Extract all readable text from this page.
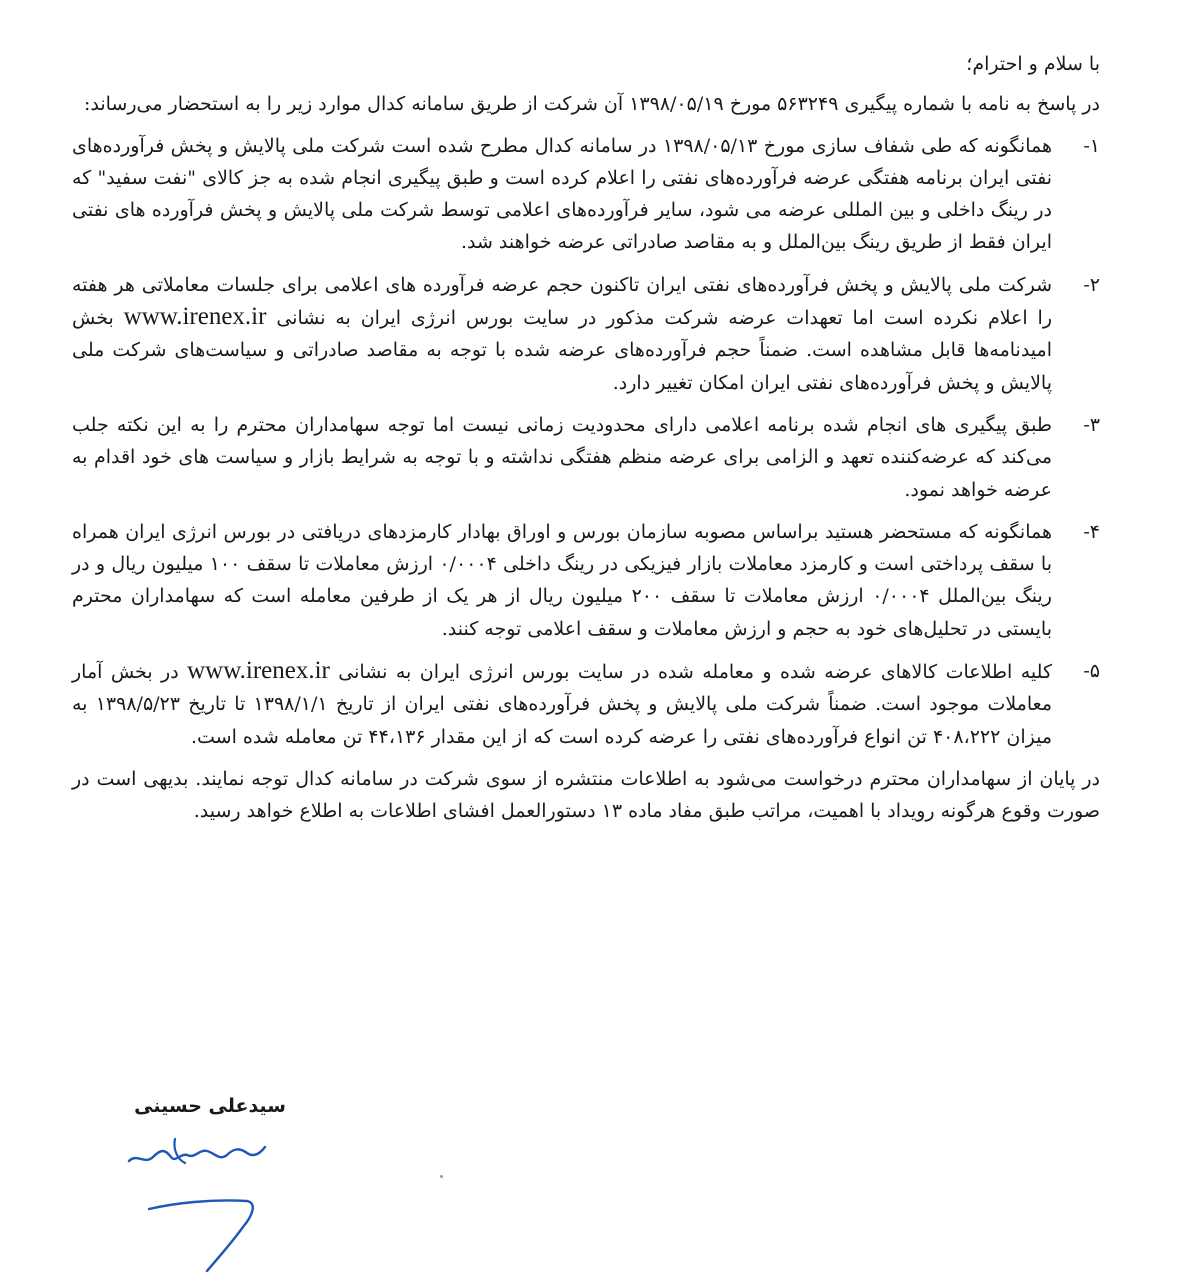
با سلام و احترام؛

در پاسخ به نامه با شماره پیگیری ۵۶۳۲۴۹ مورخ ۱۳۹۸/۰۵/۱۹ آن شرکت از طریق سامانه کدال موارد زیر را به استحضار می‌رساند:

۱-
همانگونه که طی شفاف سازی مورخ ۱۳۹۸/۰۵/۱۳ در سامانه کدال مطرح شده است شرکت ملی پالایش و پخش فرآورده‌های نفتی ایران برنامه هفتگی عرضه فرآورده‌های نفتی را اعلام کرده است و طبق پیگیری انجام شده به جز کالای "نفت سفید" که در رینگ داخلی و بین المللی عرضه می شود، سایر فرآورده‌های اعلامی توسط شرکت ملی پالایش و پخش فرآورده های نفتی ایران فقط از طریق رینگ بین‌الملل و به مقاصد صادراتی عرضه خواهند شد.
۲-
شرکت ملی پالایش و پخش فرآورده‌های نفتی ایران تاکنون حجم عرضه فرآورده های اعلامی برای جلسات معاملاتی هر هفته را اعلام نکرده است اما تعهدات عرضه شرکت مذکور در سایت بورس انرژی ایران به نشانی www.irenex.ir بخش امیدنامه‌ها قابل مشاهده است. ضمناً حجم فرآورده‌های عرضه شده با توجه به مقاصد صادراتی و سیاست‌های شرکت ملی پالایش و پخش فرآورده‌های نفتی ایران امکان تغییر دارد.
۳-
طبق پیگیری های انجام شده برنامه اعلامی دارای محدودیت زمانی نیست اما توجه سهامداران محترم را به این نکته جلب می‌کند که عرضه‌کننده تعهد و الزامی برای عرضه منظم هفتگی نداشته و با توجه به شرایط بازار و سیاست های خود اقدام به عرضه خواهد نمود.
۴-
همانگونه که مستحضر هستید براساس مصوبه سازمان بورس و اوراق بهادار کارمزدهای دریافتی در بورس انرژی ایران همراه با سقف پرداختی است و کارمزد معاملات بازار فیزیکی در رینگ داخلی ۰/۰۰۰۴ ارزش معاملات تا سقف ۱۰۰ میلیون ریال و در رینگ بین‌الملل ۰/۰۰۰۴ ارزش معاملات تا سقف ۲۰۰ میلیون ریال از هر یک از طرفین معامله است که سهامداران محترم بایستی در تحلیل‌های خود به حجم و ارزش معاملات و سقف اعلامی توجه کنند.
۵-
کلیه اطلاعات کالاهای عرضه شده و معامله شده در سایت بورس انرژی ایران به نشانی www.irenex.ir در بخش آمار معاملات موجود است. ضمناً شرکت ملی پالایش و پخش فرآورده‌های نفتی ایران از تاریخ ۱۳۹۸/۱/۱ تا تاریخ ۱۳۹۸/۵/۲۳ به میزان ۴۰۸،۲۲۲ تن انواع فرآورده‌های نفتی را عرضه کرده است که از این مقدار ۴۴،۱۳۶ تن معامله شده است.

در پایان از سهامداران محترم درخواست می‌شود به اطلاعات منتشره از سوی شرکت در سامانه کدال توجه نمایند. بدیهی است در صورت وقوع هرگونه رویداد با اهمیت، مراتب طبق مفاد ماده ۱۳ دستورالعمل افشای اطلاعات به اطلاع خواهد رسید.

سیدعلی حسینی
